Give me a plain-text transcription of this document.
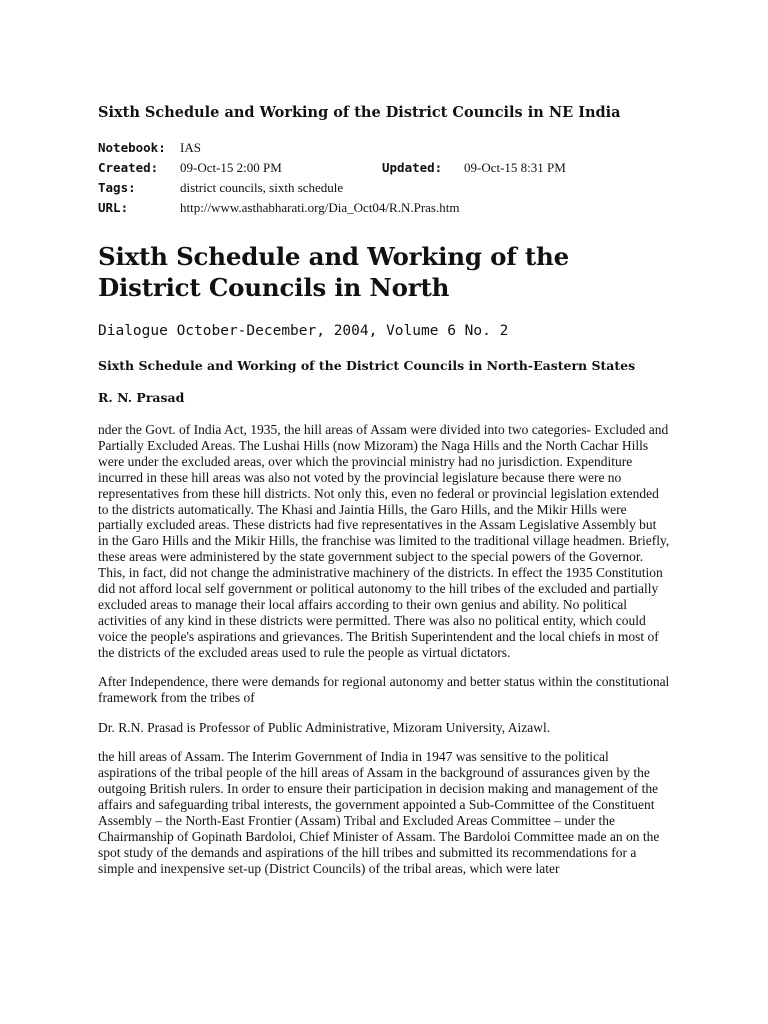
Sixth Schedule and Working of the District Councils in NE India
Notebook:	IAS
Created:	09-Oct-15 2:00 PM	Updated:	09-Oct-15 8:31 PM
Tags:	district councils, sixth schedule
URL:	http://www.asthabharati.org/Dia_Oct04/R.N.Pras.htm
Sixth Schedule and Working of the District Councils in North
Dialogue October-December, 2004, Volume 6 No. 2
Sixth Schedule and Working of the District Councils in North-Eastern States
R. N. Prasad

nder the Govt. of India Act, 1935, the hill areas of Assam were divided into two categories- Excluded and Partially Excluded Areas. The Lushai Hills (now Mizoram) the Naga Hills and the North Cachar Hills were under the excluded areas, over which the provincial ministry had no jurisdiction. Expenditure incurred in these hill areas was also not voted by the provincial legislature because there were no representatives from these hill districts. Not only this, even no federal or provincial legislation extended to the districts automatically. The Khasi and Jaintia Hills, the Garo Hills, and the Mikir Hills were partially excluded areas. These districts had five representatives in the Assam Legislative Assembly but in the Garo Hills and the Mikir Hills, the franchise was limited to the traditional village headmen. Briefly, these areas were administered by the state government subject to the special powers of the Governor. This, in fact, did not change the administrative machinery of the districts. In effect the 1935 Constitution did not afford local self government or political autonomy to the hill tribes of the excluded and partially excluded areas to manage their local affairs according to their own genius and ability. No political activities of any kind in these districts were permitted. There was also no political entity, which could voice the people's aspirations and grievances. The British Superintendent and the local chiefs in most of the districts of the excluded areas used to rule the people as virtual dictators.

After Independence, there were demands for regional autonomy and better status within the constitutional framework from the tribes of

Dr. R.N. Prasad is Professor of Public Administrative, Mizoram University, Aizawl.

the hill areas of Assam. The Interim Government of India in 1947 was sensitive to the political aspirations of the tribal people of the hill areas of Assam in the background of assurances given by the outgoing British rulers. In order to ensure their participation in decision making and management of the affairs and safeguarding tribal interests, the government appointed a Sub-Committee of the Constituent Assembly – the North-East Frontier (Assam) Tribal and Excluded Areas Committee – under the Chairmanship of Gopinath Bardoloi, Chief Minister of Assam. The Bardoloi Committee made an on the spot study of the demands and aspirations of the hill tribes and submitted its recommendations for a simple and inexpensive set-up (District Councils) of the tribal areas, which were later
